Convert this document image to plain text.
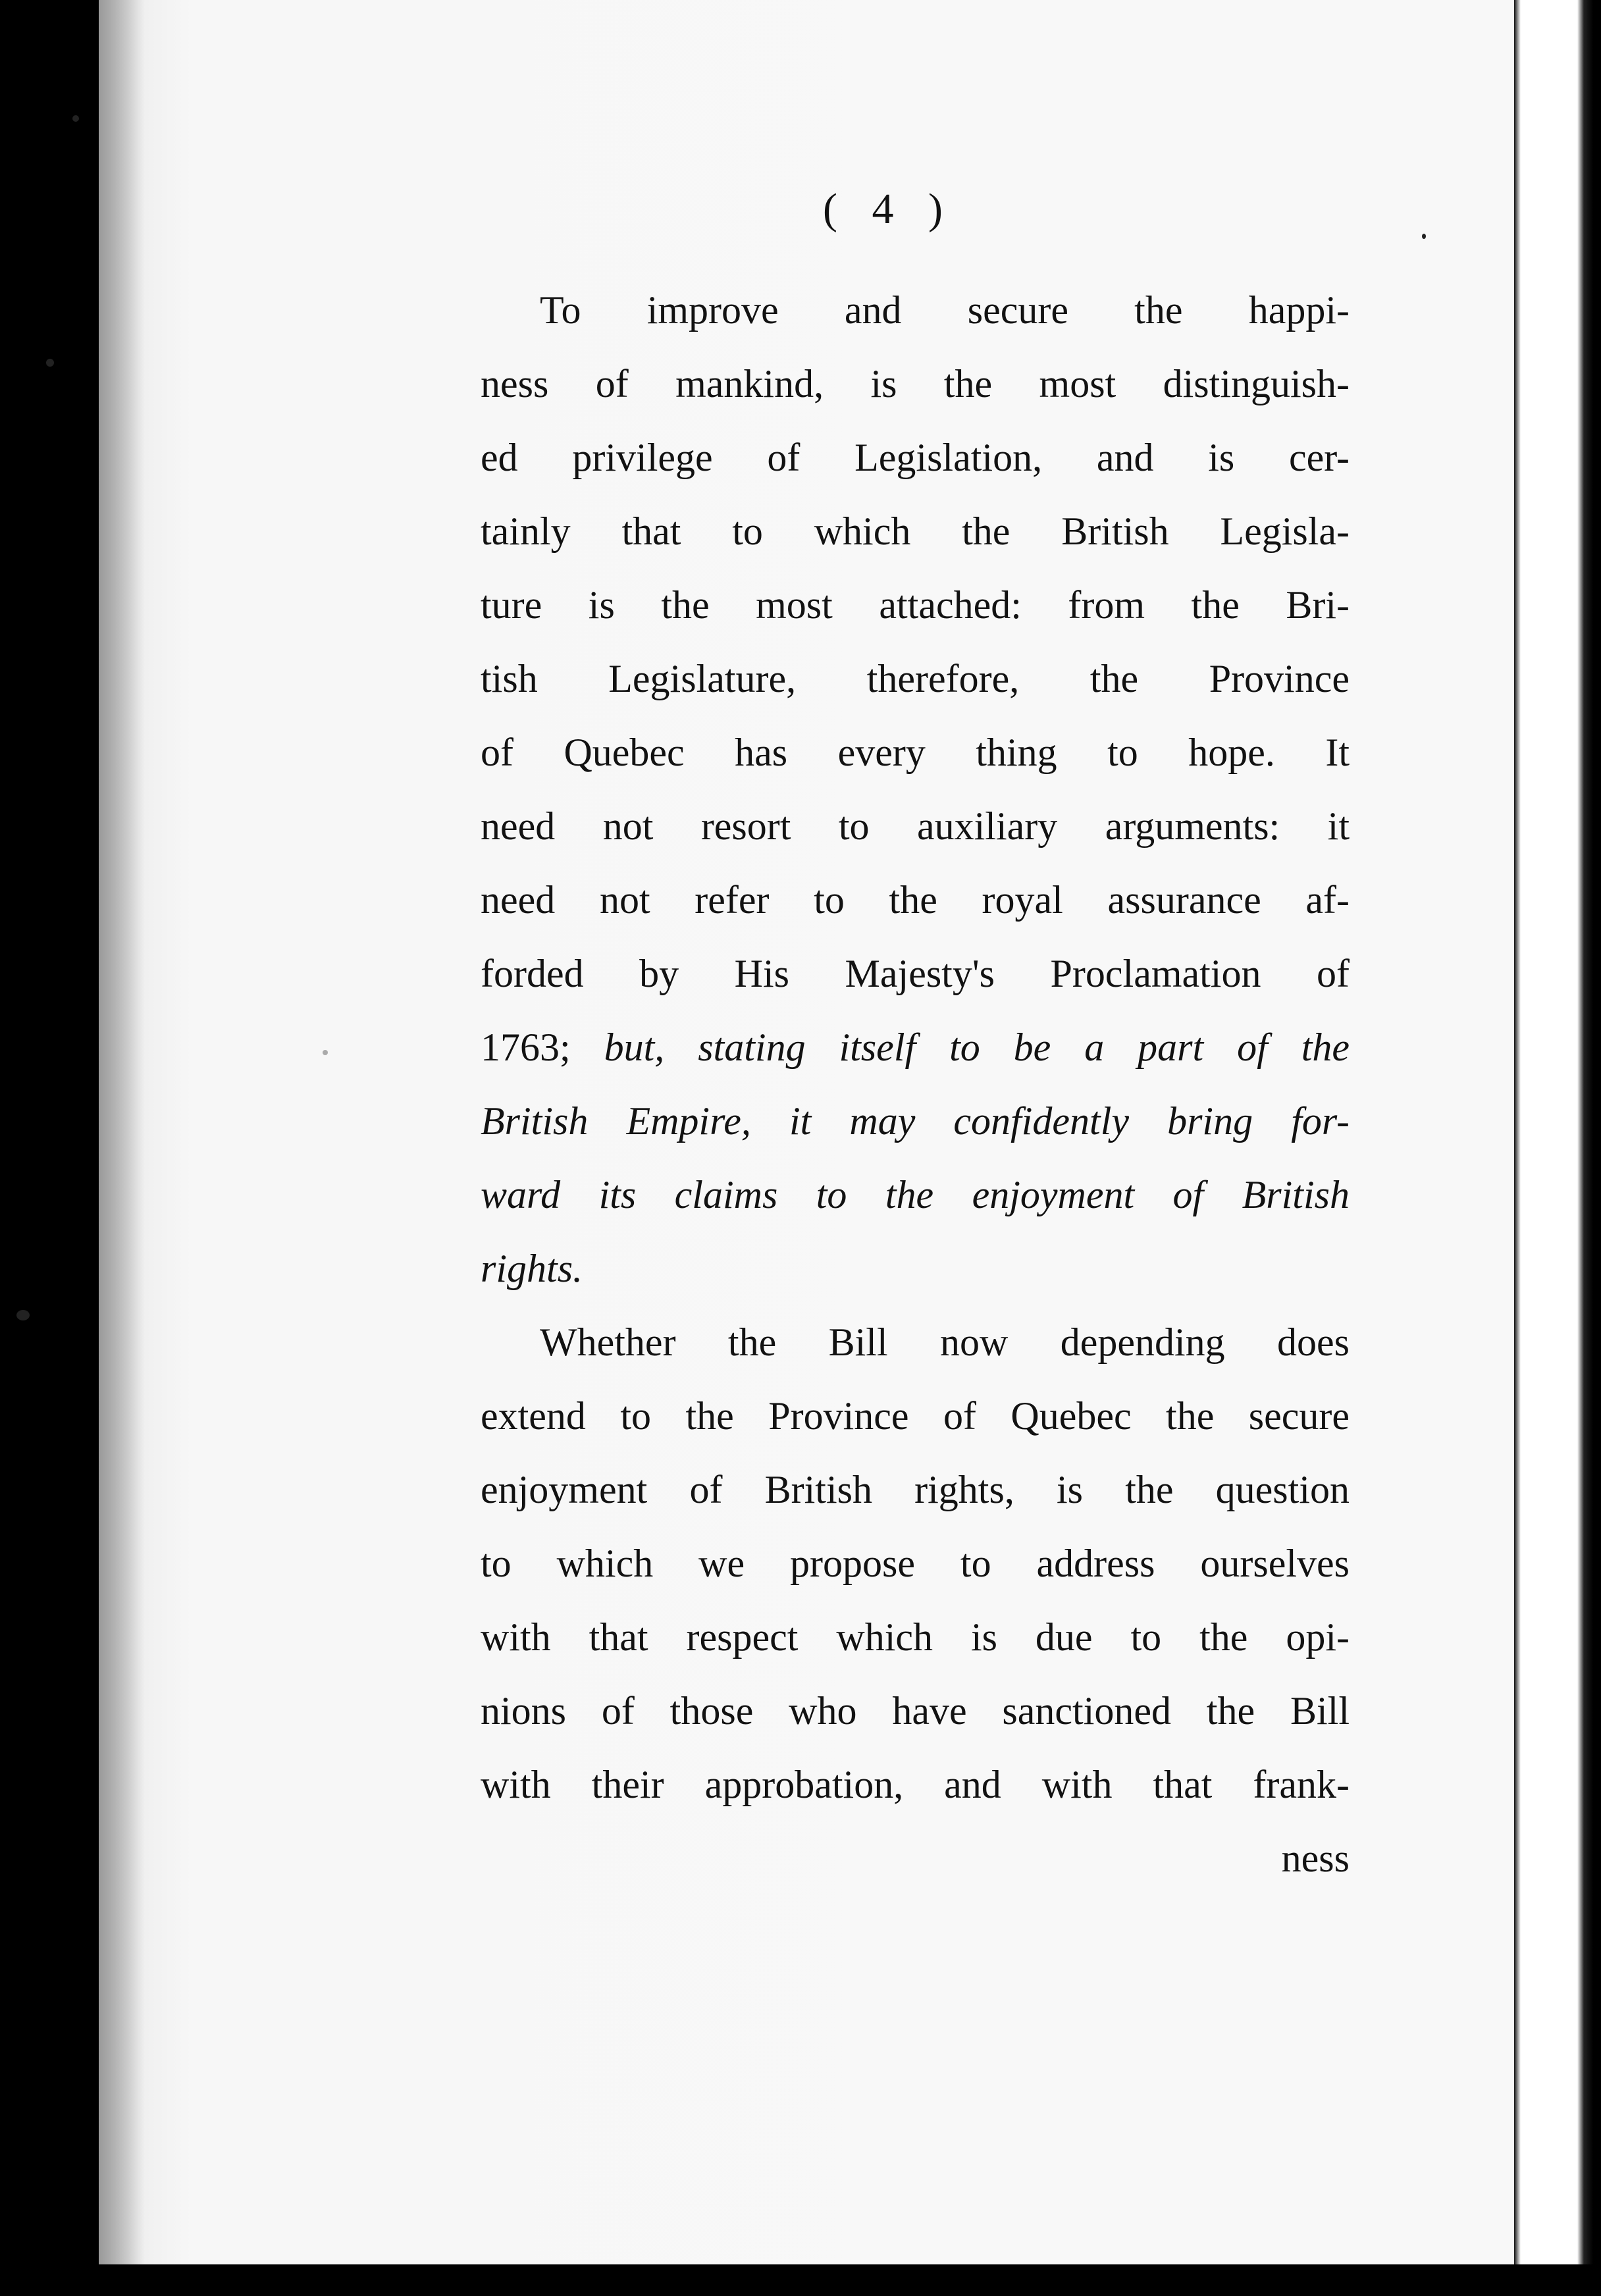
( 4 )
To improve and secure the happi-
ness of mankind, is the most distinguish-
ed privilege of Legislation, and is cer-
tainly that to which the British Legisla-
ture is the most attached: from the Bri-
tish Legislature, therefore, the Province
of Quebec has every thing to hope. It
need not resort to auxiliary arguments: it
need not refer to the royal assurance af-
forded by His Majesty's Proclamation of
1763; but, stating itself to be a part of the
British Empire, it may confidently bring for-
ward its claims to the enjoyment of British
rights.
Whether the Bill now depending does
extend to the Province of Quebec the secure
enjoyment of British rights, is the question
to which we propose to address ourselves
with that respect which is due to the opi-
nions of those who have sanctioned the Bill
with their approbation, and with that frank-
ness
